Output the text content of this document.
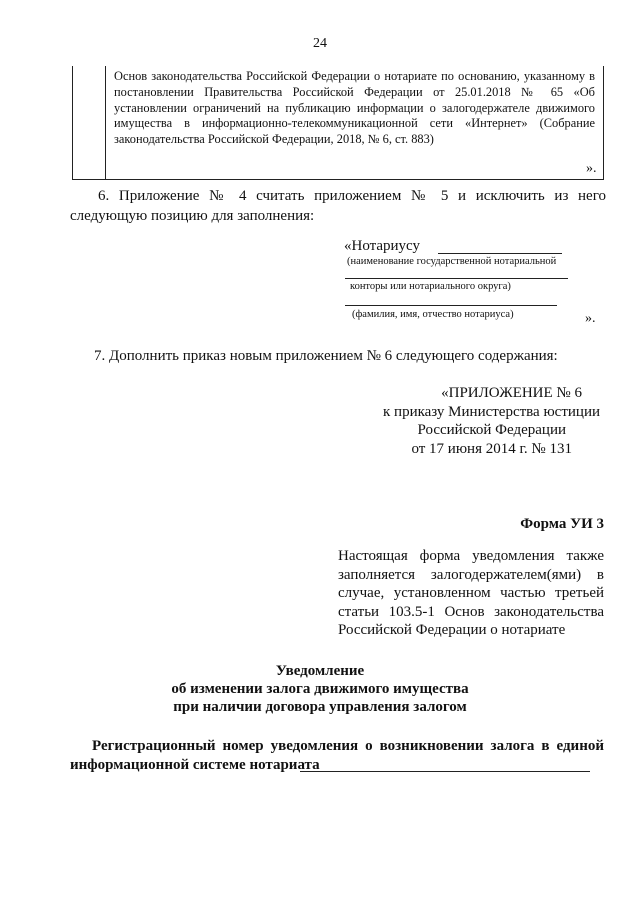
24
Основ законодательства Российской Федерации о нотариате по основанию, указанному в постановлении Правительства Российской Федерации от 25.01.2018 № 65 «Об установлении ограничений на публикацию информации о залогодержателе движимого имущества в информационно-телекоммуникационной сети «Интернет» (Собрание законодательства Российской Федерации, 2018, № 6, ст. 883)
».
6. Приложение № 4 считать приложением № 5 и исключить из него
следующую позицию для заполнения:
«Нотариусу
(наименование государственной нотариальной
конторы или нотариального округа)
(фамилия, имя, отчество нотариуса)	».
7. Дополнить приказ новым приложением № 6 следующего содержания:
«ПРИЛОЖЕНИЕ № 6
к приказу Министерства юстиции
Российской Федерации
от 17 июня 2014 г. № 131
Форма УИ 3
Настоящая форма уведомления также заполняется залогодержателем(ями) в случае, установленном частью третьей статьи 103.5-1 Основ законодательства Российской Федерации о нотариате
Уведомление
об изменении залога движимого имущества
при наличии договора управления залогом
Регистрационный номер уведомления о возникновении залога в единой
информационной системе нотариата
